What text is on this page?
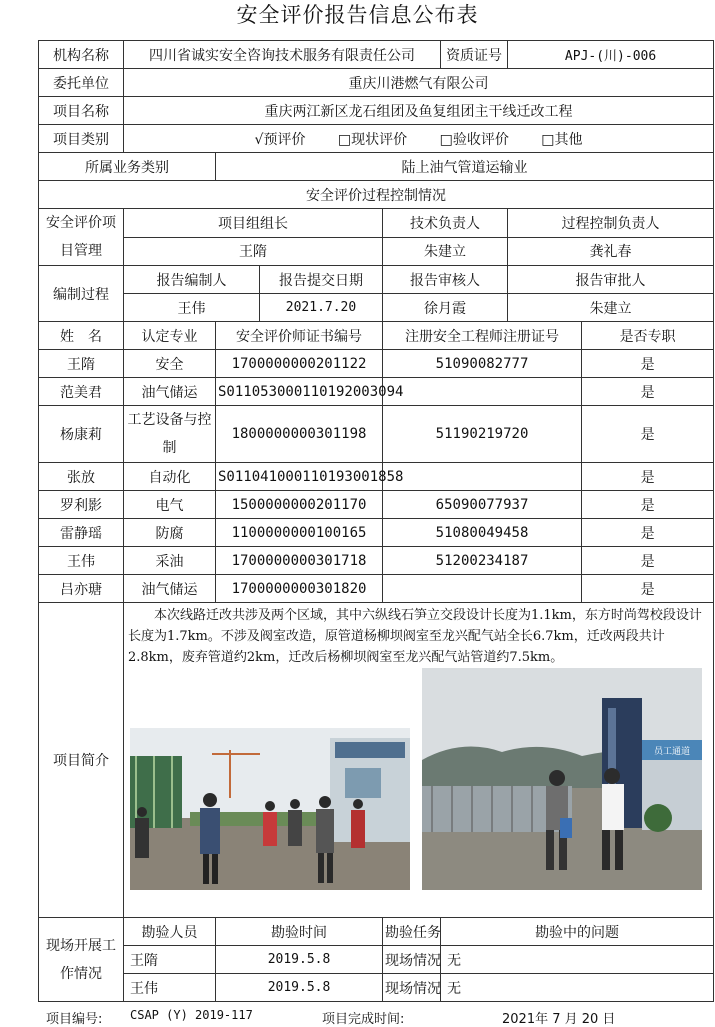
安全评价报告信息公布表
机构名称	四川省诚实安全咨询技术服务有限责任公司				资质证号	APJ-(川)-006	
委托单位	重庆川港燃气有限公司						
项目名称	重庆两江新区龙石组团及鱼复组团主干线迁改工程						
项目类别	√预评价 □现状评价 □验收评价 □其他						
所属业务类别		陆上油气管道运输业					
安全评价过程控制情况							
安全评价项目管理	项目组组长			技术负责人		过程控制负责人	
	王隋			朱建立		龚礼春	
编制过程	报告编制人		报告提交日期	报告审核人		报告审批人	
	王伟		2021.7.20	徐月霞		朱建立	
姓　名	认定专业	安全评价师证书编号		注册安全工程师注册证号			是否专职
王隋	安全	1700000000201122		51090082777			是
范美君	油气储运	S011053000110192003094					是
杨康莉	工艺设备与控制	1800000000301198		51190219720			是
张放	自动化	S011041000110193001858					是
罗利影	电气	1500000000201170		65090077937			是
雷静瑶	防腐	1100000000100165		51080049458			是
王伟	采油	1700000000301718		51200234187			是
吕亦瑭	油气储运	1700000000301820					是
项目简介	本次线路迁改共涉及两个区域，其中六纵线石笋立交段设计长度为1.1km，东方时尚驾校段设计长度为1.7km。不涉及阀室改造，原管道杨柳坝阀室至龙兴配气站全长6.7km，迁改两段共计2.8km，废弃管道约2km，迁改后杨柳坝阀室至龙兴配气站管道约7.5km。
员工通道						

现场开展工作情况	勘验人员	勘验时间		勘验任务	勘验中的问题		
	王隋	2019.5.8		现场情况	无		
	王伟	2019.5.8		现场情况	无		
项目编号: CSAP (Y) 2019-117	项目完成时间:	2021年 7 月 20 日
